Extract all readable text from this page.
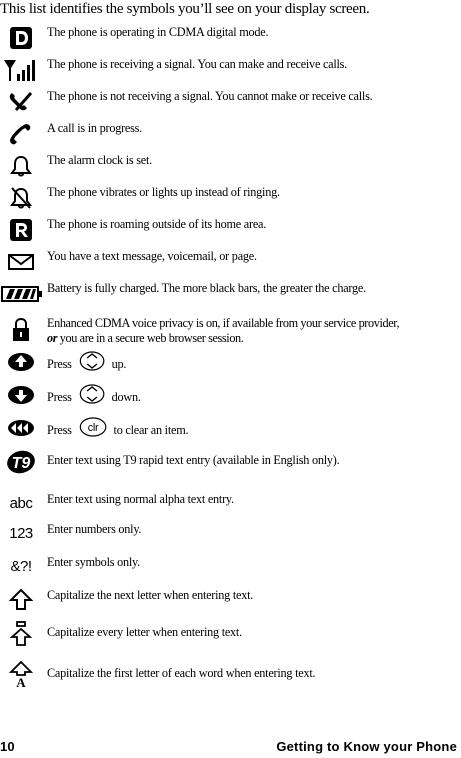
This list identifies the symbols you’ll see on your display screen.
The phone is operating in CDMA digital mode.
The phone is receiving a signal. You can make and receive calls.
The phone is not receiving a signal. You cannot make or receive calls.
A call is in progress.
The alarm clock is set.
The phone vibrates or lights up instead of ringing.
The phone is roaming outside of its home area.
You have a text message, voicemail, or page.
Battery is fully charged. The more black bars, the greater the charge.
Enhanced CDMA voice privacy is on, if available from your service provider,
or you are in a secure web browser session.
Press	up.
Press	down.
Press clr to clear an item.
T9 Enter text using T9 rapid text entry (available in English only).
abc Enter text using normal alpha text entry.
123 Enter numbers only.
&?! Enter symbols only.
Capitalize the next letter when entering text.
Capitalize every letter when entering text.
A
Capitalize the first letter of each word when entering text.
10	Getting to Know your Phone
